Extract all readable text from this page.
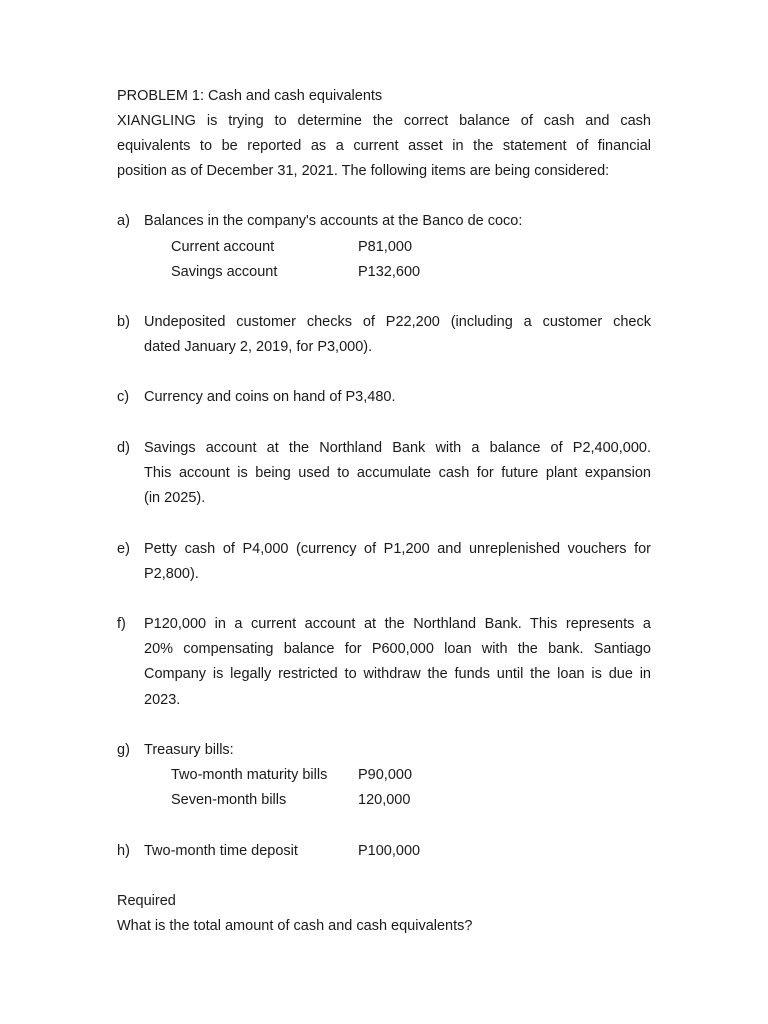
PROBLEM 1: Cash and cash equivalents
XIANGLING is trying to determine the correct balance of cash and cash
equivalents to be reported as a current asset in the statement of financial
position as of December 31, 2021. The following items are being considered:
a) Balances in the company's accounts at the Banco de coco:
Current account	P81,000
Savings account	P132,600
b) Undeposited customer checks of P22,200 (including a customer check
dated January 2, 2019, for P3,000).
c) Currency and coins on hand of P3,480.
d) Savings account at the Northland Bank with a balance of P2,400,000.
This account is being used to accumulate cash for future plant expansion
(in 2025).
e) Petty cash of P4,000 (currency of P1,200 and unreplenished vouchers for
P2,800).
f) P120,000 in a current account at the Northland Bank. This represents a
20% compensating balance for P600,000 loan with the bank. Santiago
Company is legally restricted to withdraw the funds until the loan is due in
2023.
g) Treasury bills:
Two-month maturity bills P90,000
Seven-month bills	120,000
h) Two-month time deposit	P100,000
Required
What is the total amount of cash and cash equivalents?
